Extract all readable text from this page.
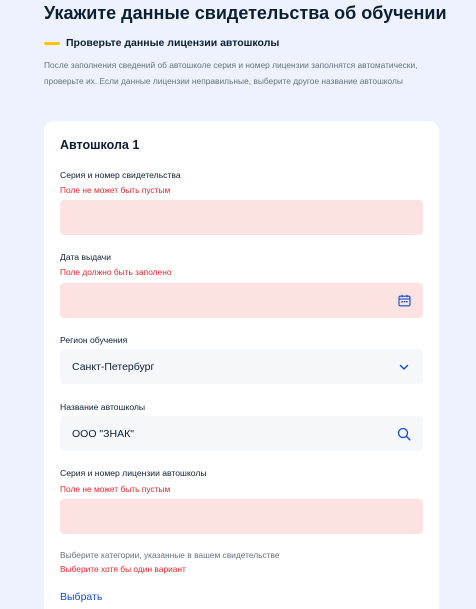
Укажите данные свидетельства об обучении
Проверьте данные лицензии автошколы
После заполнения сведений об автошколе серия и номер лицензии заполнятся автоматически, проверьте их. Если данные лицензии неправильные, выберите другое название автошколы
Автошкола 1
Серия и номер свидетельства
Поле не может быть пустым
Дата выдачи
Поле должно быть заполено
Регион обучения
Санкт-Петербург
Название автошколы
ООО "ЗНАК"
Серия и номер лицензии автошколы
Поле не может быть пустым
Выберите категории, указанные в вашем свидетельстве
Выберите хотя бы один вариант
Выбрать
